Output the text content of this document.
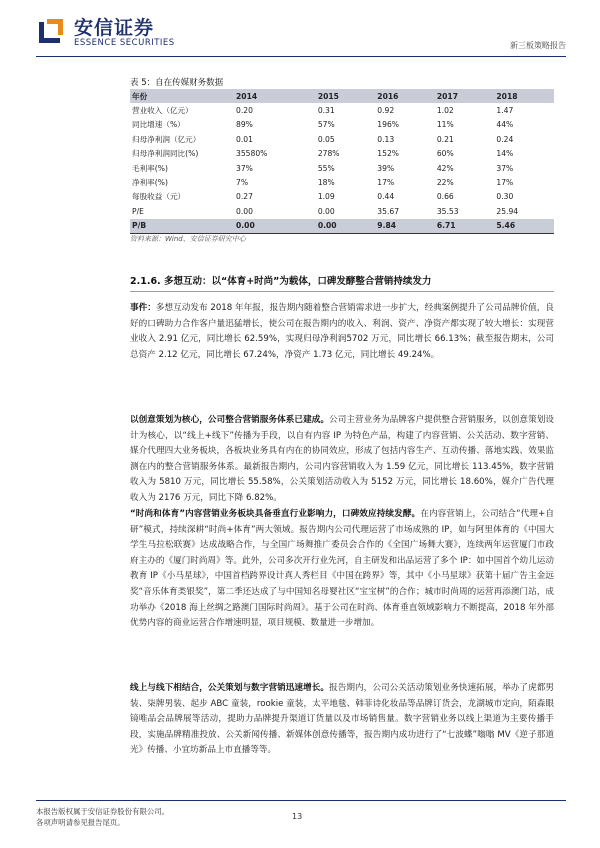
安信证券
ESSENCE SECURITIES	新三板策略报告
表 5：自在传媒财务数据
年份	2014	2015	2016	2017	2018
营业收入（亿元）	0.20	0.31	0.92	1.02	1.47
同比增速（%）	89%	57%	196%	11%	44%
归母净利润（亿元）	0.01	0.05	0.13	0.21	0.24
归母净利润同比(%)	35580%	278%	152%	60%	14%
毛利率(%)	37%	55%	39%	42%	37%
净利率(%)	7%	18%	17%	22%	17%
每股收益（元）	0.27	1.09	0.44	0.66	0.30
P/E	0.00	0.00	35.67	35.53	25.94
P/B	0.00	0.00	9.84	6.71	5.46
资料来源：Wind、安信证券研究中心
2.1.6. 多想互动：以“体育+时尚”为载体，口碑发酵整合营销持续发力

事件：多想互动发布 2018 年年报，报告期内随着整合营销需求进一步扩大，经典案例提升了公司品牌价值，良好的口碑助力合作客户量迅猛增长，使公司在报告期内的收入、利润、资产、净资产都实现了较大增长：实现营业收入 2.91 亿元，同比增长 62.59%，实现归母净利润5702 万元，同比增长 66.13%；截至报告期末，公司总资产 2.12 亿元，同比增长 67.24%，净资产 1.73 亿元，同比增长 49.24%。

以创意策划为核心，公司整合营销服务体系已建成。公司主营业务为品牌客户提供整合营销服务，以创意策划设计为核心，以“线上+线下”传播为手段，以自有内容 IP 为特色产品，构建了内容营销、公关活动、数字营销、媒介代理四大业务板块，各板块业务具有内在的协同效应，形成了包括内容生产、互动传播、落地实践、效果监测在内的整合营销服务体系。最新报告期内，公司内容营销收入为 1.59 亿元，同比增长 113.45%，数字营销收入为 5810 万元，同比增长 55.58%，公关策划活动收入为 5152 万元，同比增长 18.60%，媒介广告代理收入为 2176 万元，同比下降 6.82%。

“时尚和体育”内容营销业务板块具备垂直行业影响力，口碑效应持续发酵。在内容营销上，公司结合“代理+自研”模式，持续深耕“时尚+体育”两大领域。报告期内公司代理运营了市场成熟的 IP，如与阿里体育的《中国大学生马拉松联赛》达成战略合作，与全国广场舞推广委员会合作的《全国广场舞大赛》，连续两年运营厦门市政府主办的《厦门时尚周》等。此外，公司多次开行业先河，自主研发和出品运营了多个 IP：如中国首个幼儿运动教育 IP《小马星球》，中国首档跨界设计真人秀栏目《中国在跨界》等，其中《小马星球》获第十届广告主金远奖“音乐体育类银奖”，第二季还达成了与中国知名母婴社区“宝宝树”的合作；城市时尚周的运营再添澳门站，成功举办《2018 海上丝绸之路澳门国际时尚周》。基于公司在时尚、体育垂直领域影响力不断提高，2018 年外部优势内容的商业运营合作增速明显，项目规模、数量进一步增加。

线上与线下相结合，公关策划与数字营销迅速增长。报告期内，公司公关活动策划业务快速拓展，举办了虎都男装、柒牌男装、起步 ABC 童装，rookie 童装，太平地毯、韩菲诗化妆品等品牌订货会，龙湖城市定向，陌森眼镜唯品会品牌展等活动，提助力品牌提升渠道订货量以及市场销售量。数字营销业务以线上渠道为主要传播手段，实施品牌精准投放、公关新闻传播、新媒体创意传播等，报告期内成功进行了“七波蝶”嗡嗡 MV《逆子那道光》传播、小宜坊新品上市直播等等。

本报告版权属于安信证券股份有限公司。
各项声明请参见报告尾页。
13
